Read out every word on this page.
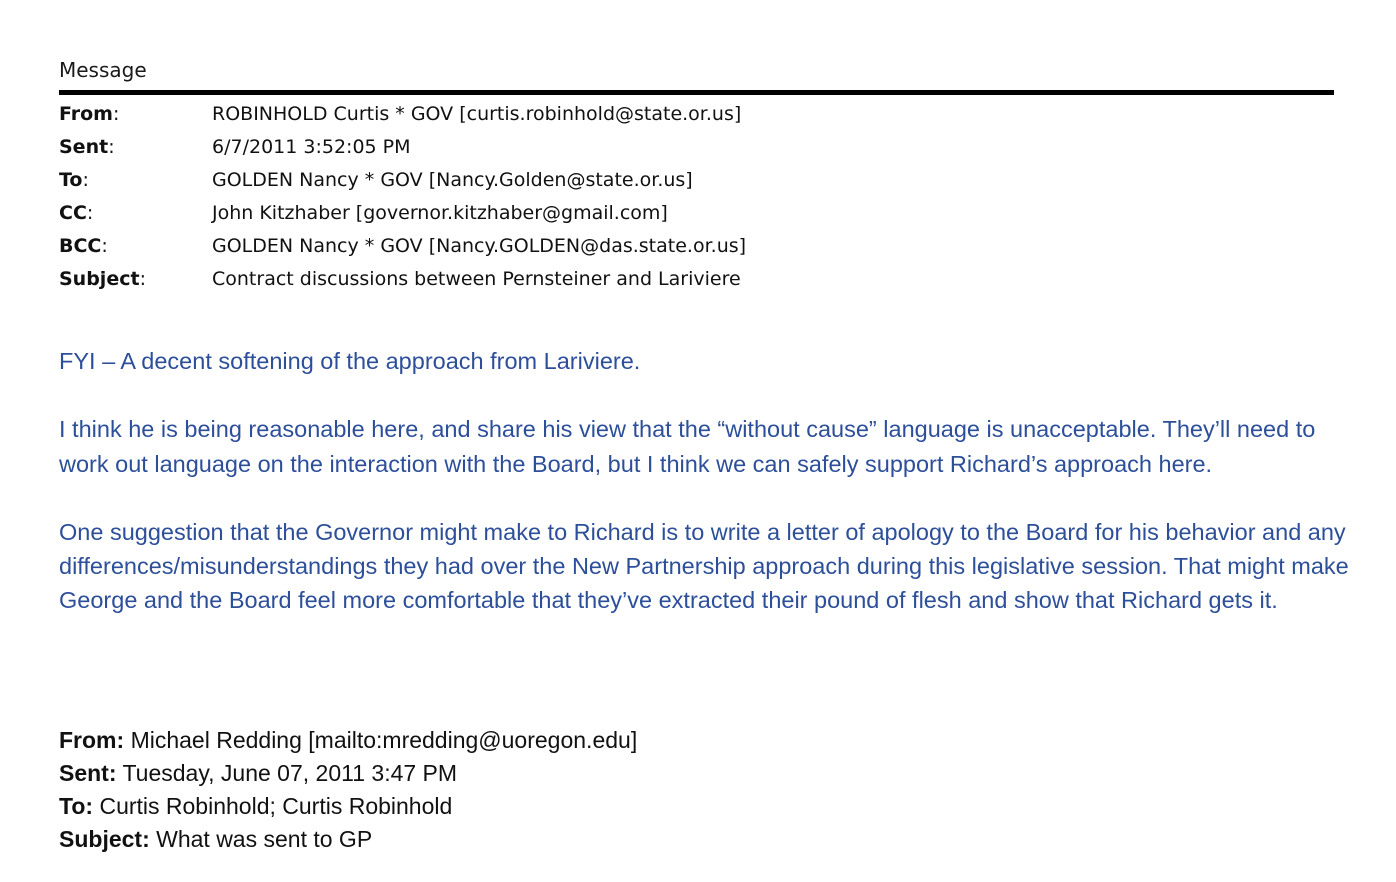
Message
From:	ROBINHOLD Curtis * GOV [curtis.robinhold@state.or.us]
Sent:	6/7/2011 3:52:05 PM
To:	GOLDEN Nancy * GOV [Nancy.Golden@state.or.us]
CC:	John Kitzhaber [governor.kitzhaber@gmail.com]
BCC:	GOLDEN Nancy * GOV [Nancy.GOLDEN@das.state.or.us]
Subject:	Contract discussions between Pernsteiner and Lariviere

FYI – A decent softening of the approach from Lariviere.

I think he is being reasonable here, and share his view that the “without cause” language is unacceptable. They’ll need to work out language on the interaction with the Board, but I think we can safely support Richard’s approach here.

One suggestion that the Governor might make to Richard is to write a letter of apology to the Board for his behavior and any differences/misunderstandings they had over the New Partnership approach during this legislative session. That might make George and the Board feel more comfortable that they’ve extracted their pound of flesh and show that Richard gets it.

From: Michael Redding [mailto:mredding@uoregon.edu]
Sent: Tuesday, June 07, 2011 3:47 PM
To: Curtis Robinhold; Curtis Robinhold
Subject: What was sent to GP
